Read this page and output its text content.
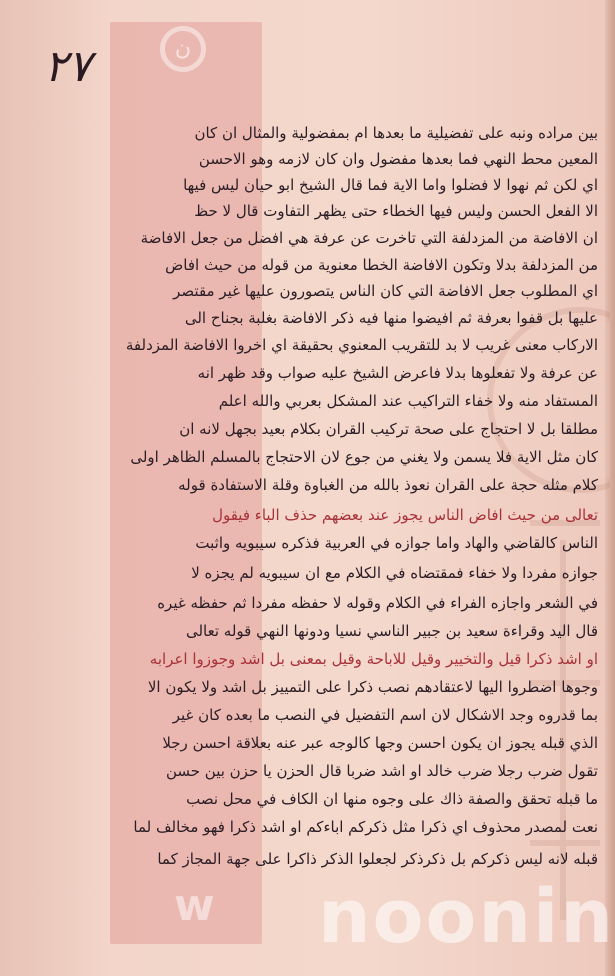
ن
w
٢٧
بين مراده ونبه على تفضيلية ما بعدها ام بمفضولية والمثال ان كان
المعين محط النهي فما بعدها مفضول وان كان لازمه وهو الاحسن
اي لكن ثم نهوا لا فضلوا واما الاية فما قال الشيخ ابو حيان ليس فيها
الا الفعل الحسن وليس فيها الخطاء حتى يظهر التفاوت قال لا حظ
ان الافاضة من المزدلفة التي تاخرت عن عرفة هي افضل من جعل الافاضة
من المزدلفة بدلا وتكون الافاضة الخطا معنوية من قوله من حيث افاض
اي المطلوب جعل الافاضة التي كان الناس يتصورون عليها غير مقتصر
عليها بل قفوا بعرفة ثم افيضوا منها فيه ذكر الافاضة بغلبة بجناح الى
الاركاب معنى غريب لا بد للتقريب المعنوي بحقيقة اي اخروا الافاضة المزدلفة
عن عرفة ولا تفعلوها بدلا فاعرض الشيخ عليه صواب وقد ظهر انه
المستفاد منه ولا خفاء التراكيب عند المشكل بعربي والله اعلم
مطلقا بل لا احتجاج على صحة تركيب القران بكلام بعيد بجهل لانه ان
كان مثل الاية فلا يسمن ولا يغني من جوع لان الاحتجاج بالمسلم الظاهر اولى
كلام مثله حجة على القران نعوذ بالله من الغباوة وقلة الاستفادة قوله
تعالى من حيث افاض الناس يجوز عند بعضهم حذف الباء فيقول
الناس كالقاضي والهاد واما جوازه في العربية فذكره سيبويه واثبت
جوازه مفردا ولا خفاء فمقتضاه في الكلام مع ان سيبويه لم يجزه لا
في الشعر واجازه الفراء في الكلام وقوله لا حفظه مفردا ثم حفظه غيره
قال اليد وقراءة سعيد بن جبير الناسي نسيا ودونها النهي قوله تعالى
او اشد ذكرا قيل والتخيير وقيل للاباحة وقيل بمعنى بل اشد وجوزوا اعرابه
وجوها اضطروا اليها لاعتقادهم نصب ذكرا على التمييز بل اشد ولا يكون الا
بما قدروه وجد الاشكال لان اسم التفضيل في النصب ما بعده كان غير
الذي قبله يجوز ان يكون احسن وجها كالوجه عبر عنه بعلاقة احسن رجلا
تقول ضرب رجلا ضرب خالد او اشد ضربا قال الحزن يا حزن بين حسن
ما قبله تحقق والصفة ذاك على وجوه منها ان الكاف في محل نصب
نعت لمصدر محذوف اي ذكرا مثل ذكركم اباءكم او اشد ذكرا فهو مخالف لما
قبله لانه ليس ذكركم بل ذكرذكر لجعلوا الذكر ذاكرا على جهة المجاز كما
noonin
